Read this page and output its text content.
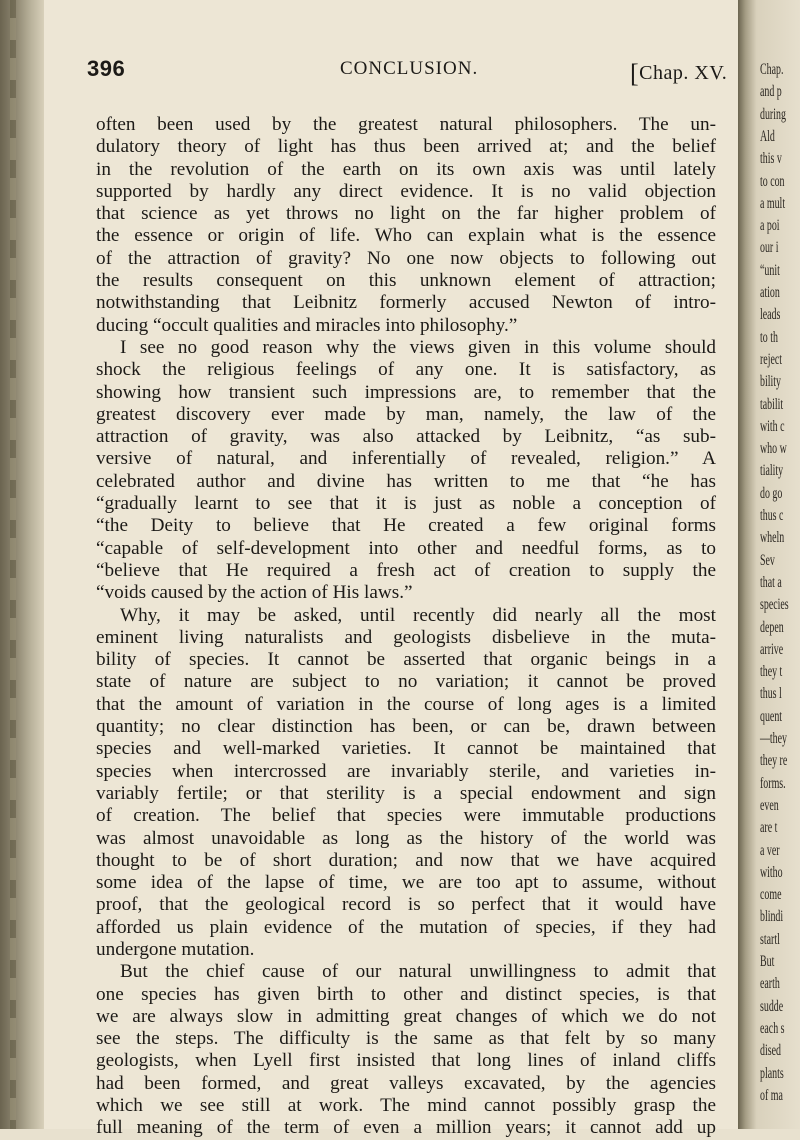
396	CONCLUSION.	[Chap. XV.
often been used by the greatest natural philosophers. The un-
dulatory theory of light has thus been arrived at; and the belief
in the revolution of the earth on its own axis was until lately
supported by hardly any direct evidence. It is no valid objection
that science as yet throws no light on the far higher problem of
the essence or origin of life. Who can explain what is the essence
of the attraction of gravity? No one now objects to following out
the results consequent on this unknown element of attraction;
notwithstanding that Leibnitz formerly accused Newton of intro-
ducing “occult qualities and miracles into philosophy.”
I see no good reason why the views given in this volume should
shock the religious feelings of any one. It is satisfactory, as
showing how transient such impressions are, to remember that the
greatest discovery ever made by man, namely, the law of the
attraction of gravity, was also attacked by Leibnitz, “as sub-
versive of natural, and inferentially of revealed, religion.” A
celebrated author and divine has written to me that “he has
“gradually learnt to see that it is just as noble a conception of
“the Deity to believe that He created a few original forms
“capable of self-development into other and needful forms, as to
“believe that He required a fresh act of creation to supply the
“voids caused by the action of His laws.”
Why, it may be asked, until recently did nearly all the most
eminent living naturalists and geologists disbelieve in the muta-
bility of species. It cannot be asserted that organic beings in a
state of nature are subject to no variation; it cannot be proved
that the amount of variation in the course of long ages is a limited
quantity; no clear distinction has been, or can be, drawn between
species and well-marked varieties. It cannot be maintained that
species when intercrossed are invariably sterile, and varieties in-
variably fertile; or that sterility is a special endowment and sign
of creation. The belief that species were immutable productions
was almost unavoidable as long as the history of the world was
thought to be of short duration; and now that we have acquired
some idea of the lapse of time, we are too apt to assume, without
proof, that the geological record is so perfect that it would have
afforded us plain evidence of the mutation of species, if they had
undergone mutation.
But the chief cause of our natural unwillingness to admit that
one species has given birth to other and distinct species, is that
we are always slow in admitting great changes of which we do not
see the steps. The difficulty is the same as that felt by so many
geologists, when Lyell first insisted that long lines of inland cliffs
had been formed, and great valleys excavated, by the agencies
which we see still at work. The mind cannot possibly grasp the
full meaning of the term of even a million years; it cannot add up
Chap.
and p
during
Ald
this v
to con
a mult
a poi
our i
“unit
ation
leads
to th
reject
bility
tabilit
with c
who w
tiality
do go
thus c
wheln
Sev
that a
species
depen
arrive
they t
thus l
quent
—they
they re
forms.
even
are t
a ver
witho
come
blindi
startl
But
earth
sudde
each s
dised
plants
of ma
